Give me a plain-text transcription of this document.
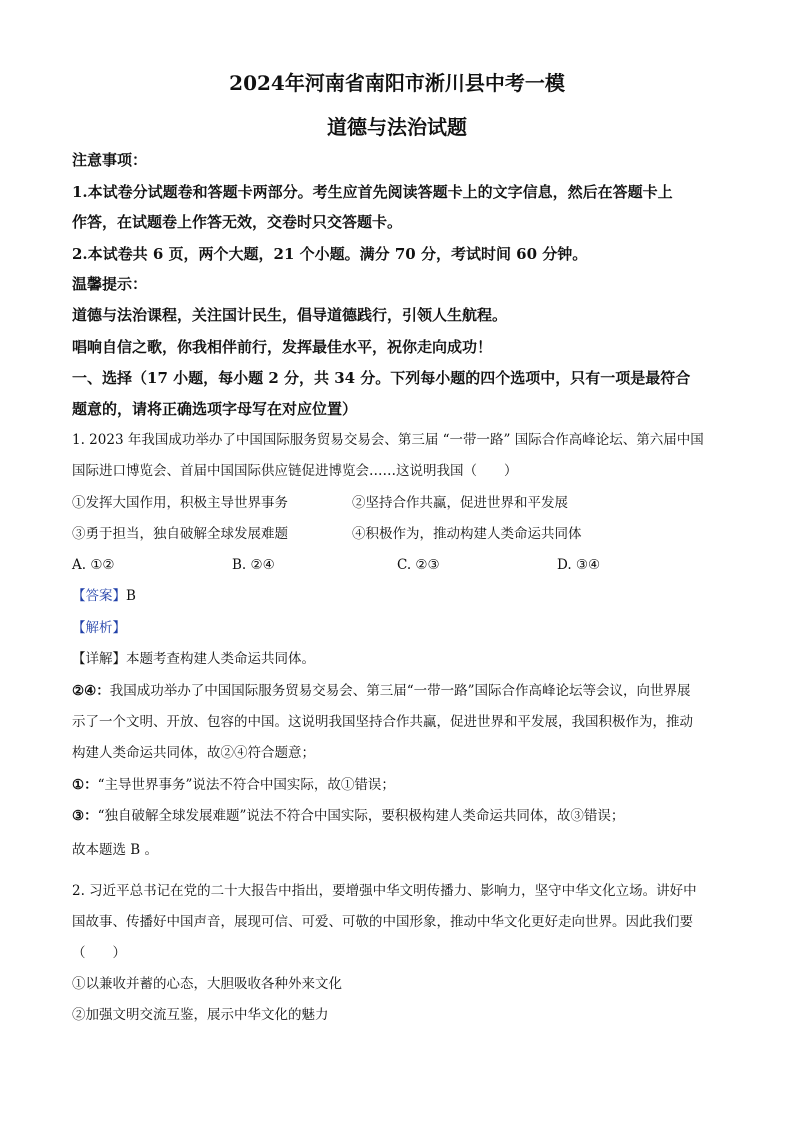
2024年河南省南阳市淅川县中考一模
道德与法治试题
注意事项：
1.本试卷分试题卷和答题卡两部分。考生应首先阅读答题卡上的文字信息，然后在答题卡上
作答，在试题卷上作答无效，交卷时只交答题卡。
2.本试卷共 6 页，两个大题，21 个小题。满分 70 分，考试时间 60 分钟。
温馨提示：
道德与法治课程，关注国计民生，倡导道德践行，引领人生航程。
唱响自信之歌，你我相伴前行，发挥最佳水平，祝你走向成功！
一、选择（17 小题，每小题 2 分，共 34 分。下列每小题的四个选项中，只有一项是最符合
题意的，请将正确选项字母写在对应位置）
1. 2023 年我国成功举办了中国国际服务贸易交易会、第三届 “一带一路” 国际合作高峰论坛、第六届中国
国际进口博览会、首届中国国际供应链促进博览会……这说明我国（　　）
①发挥大国作用，积极主导世界事务	②坚持合作共赢，促进世界和平发展
③勇于担当，独自破解全球发展难题	④积极作为，推动构建人类命运共同体
A. ①②	B. ②④	C. ②③	D. ③④
【答案】B
【解析】
【详解】本题考查构建人类命运共同体。
②④：我国成功举办了中国国际服务贸易交易会、第三届“一带一路”国际合作高峰论坛等会议，向世界展
示了一个文明、开放、包容的中国。这说明我国坚持合作共赢，促进世界和平发展，我国积极作为，推动
构建人类命运共同体，故②④符合题意；
①：“主导世界事务”说法不符合中国实际，故①错误；
③：“独自破解全球发展难题”说法不符合中国实际，要积极构建人类命运共同体，故③错误；
故本题选 B 。
2. 习近平总书记在党的二十大报告中指出，要增强中华文明传播力、影响力，坚守中华文化立场。讲好中
国故事、传播好中国声音，展现可信、可爱、可敬的中国形象，推动中华文化更好走向世界。因此我们要
（　　）
①以兼收并蓄的心态，大胆吸收各种外来文化
②加强文明交流互鉴，展示中华文化的魅力
